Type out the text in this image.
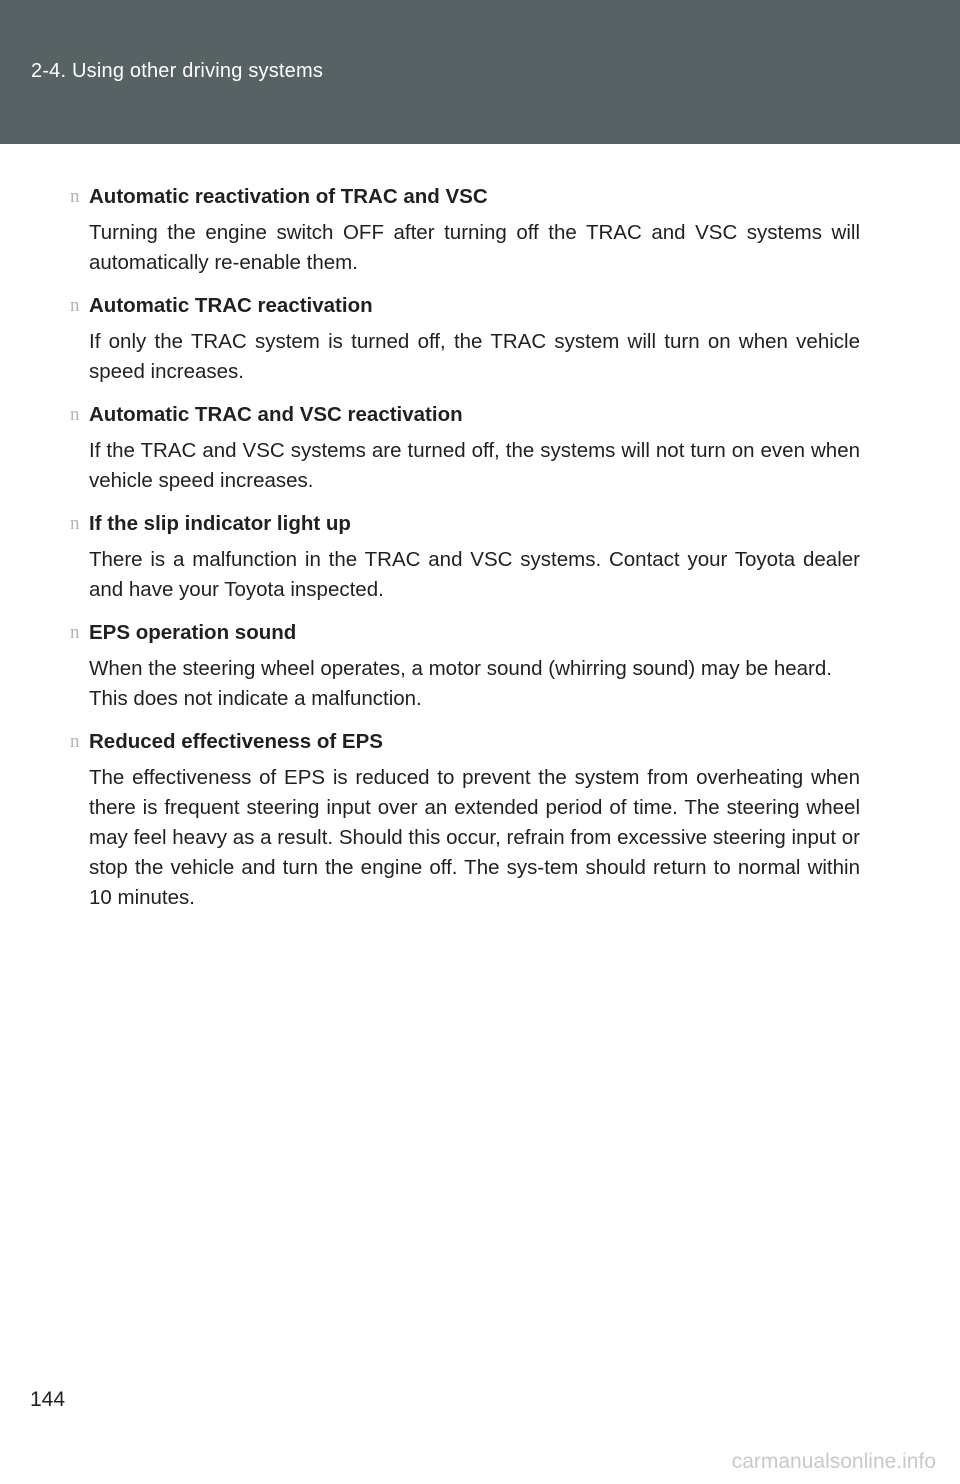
2-4. Using other driving systems
n Automatic reactivation of TRAC and VSC

Turning the engine switch OFF after turning off the TRAC and VSC systems will automatically re-enable them.

n Automatic TRAC reactivation

If only the TRAC system is turned off, the TRAC system will turn on when vehicle speed increases.

n Automatic TRAC and VSC reactivation

If the TRAC and VSC systems are turned off, the systems will not turn on even when vehicle speed increases.

n If the slip indicator light up

There is a malfunction in the TRAC and VSC systems. Contact your Toyota dealer and have your Toyota inspected.

n EPS operation sound

When the steering wheel operates, a motor sound (whirring sound) may be heard.

This does not indicate a malfunction.

n Reduced effectiveness of EPS

The effectiveness of EPS is reduced to prevent the system from overheating when there is frequent steering input over an extended period of time. The steering wheel may feel heavy as a result. Should this occur, refrain from excessive steering input or stop the vehicle and turn the engine off. The sys-tem should return to normal within 10 minutes.

144
carmanualsonline.info
